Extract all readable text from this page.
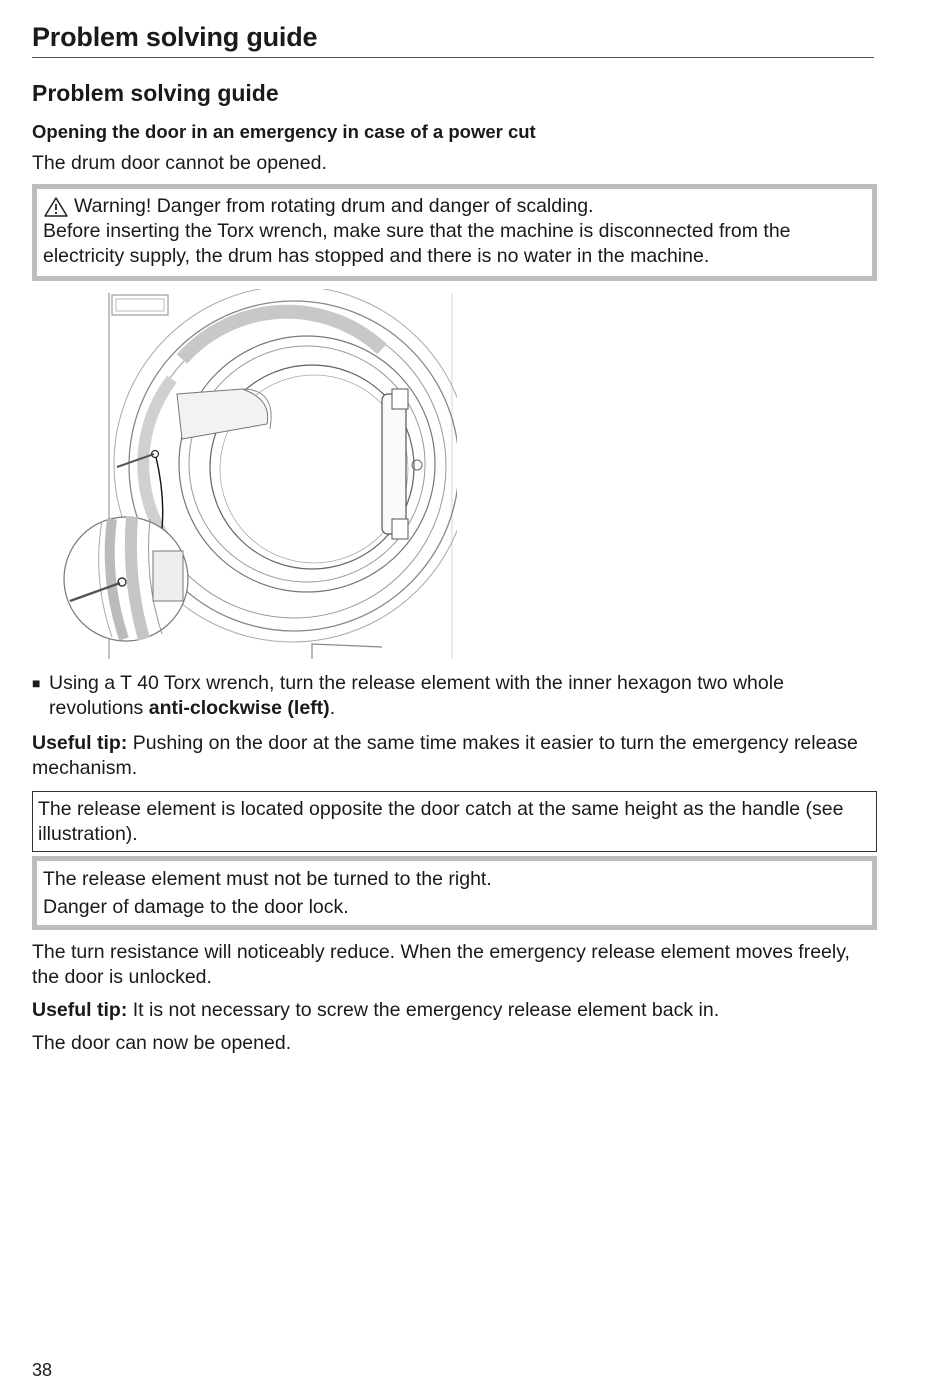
Problem solving guide
Problem solving guide
Opening the door in an emergency in case of a power cut

The drum door cannot be opened.

Warning! Danger from rotating drum and danger of scalding.
Before inserting the Torx wrench, make sure that the machine is disconnected from the electricity supply, the drum has stopped and there is no water in the machine.
■ Using a T 40 Torx wrench, turn the release element with the inner hexagon two whole revolutions anti-clockwise (left).

Useful tip: Pushing on the door at the same time makes it easier to turn the emergency release mechanism.

The release element is located opposite the door catch at the same height as the handle (see illustration).
The release element must not be turned to the right.
Danger of damage to the door lock.

The turn resistance will noticeably reduce. When the emergency release element moves freely, the door is unlocked.

Useful tip: It is not necessary to screw the emergency release element back in.

The door can now be opened.

38
